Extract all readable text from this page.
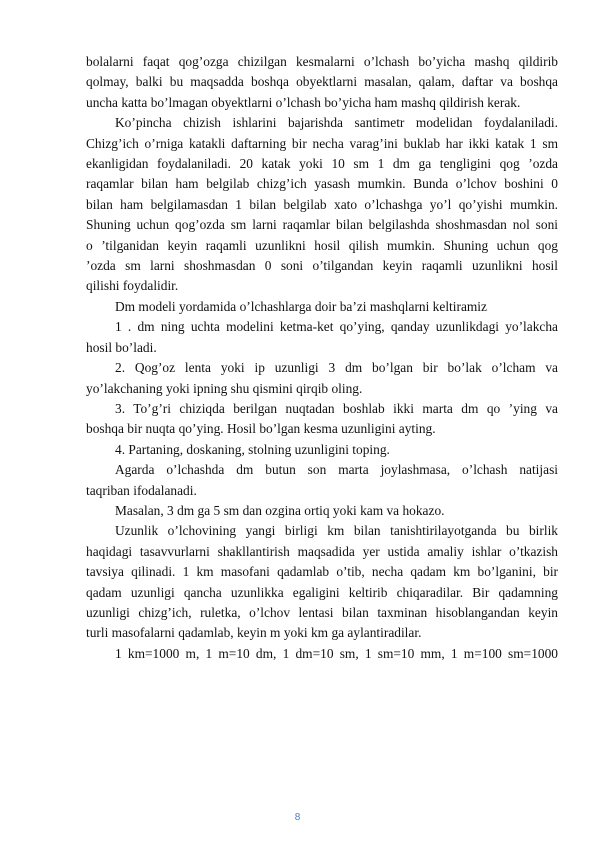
bolalarni faqat qog’ozga chizilgan kesmalarni o’lchash bo’yicha mashq qildirib

qolmay, balki bu maqsadda boshqa obyektlarni masalan, qalam, daftar va boshqa

uncha katta bo’lmagan obyektlarni o’lchash bo’yicha ham mashq qildirish kerak.

Ko’pincha chizish ishlarini bajarishda santimetr modelidan foydalaniladi.

Chizg’ich o’rniga katakli daftarning bir necha varag’ini buklab har ikki katak 1 sm

ekanligidan foydalaniladi. 20 katak yoki 10 sm 1 dm ga tengligini qog ’ozda

raqamlar bilan ham belgilab chizg’ich yasash mumkin. Bunda o’lchov boshini 0

bilan ham belgilamasdan 1 bilan belgilab xato o’lchashga yo’l qo’yishi mumkin.

Shuning uchun qog’ozda sm larni raqamlar bilan belgilashda shoshmasdan nol soni

o ’tilganidan keyin raqamli uzunlikni hosil qilish mumkin. Shuning uchun qog

’ozda sm larni shoshmasdan 0 soni o’tilgandan keyin raqamli uzunlikni hosil

qilishi foydalidir.

Dm modeli yordamida o’lchashlarga doir ba’zi mashqlarni keltiramiz

1 . dm ning uchta modelini ketma-ket qo’ying, qanday uzunlikdagi yo’lakcha

hosil bo’ladi.

2. Qog’oz lenta yoki ip uzunligi 3 dm bo’lgan bir bo’lak o’lcham va

yo’lakchaning yoki ipning shu qismini qirqib oling.

3. To’g’ri chiziqda berilgan nuqtadan boshlab ikki marta dm qo ’ying va

boshqa bir nuqta qo’ying. Hosil bo’lgan kesma uzunligini ayting.

4. Partaning, doskaning, stolning uzunligini toping.

Agarda o’lchashda dm butun son marta joylashmasa, o’lchash natijasi

taqriban ifodalanadi.

Masalan, 3 dm ga 5 sm dan ozgina ortiq yoki kam va hokazo.

Uzunlik o’lchovining yangi birligi km bilan tanishtirilayotganda bu birlik

haqidagi tasavvurlarni shakllantirish maqsadida yer ustida amaliy ishlar o’tkazish

tavsiya qilinadi. 1 km masofani qadamlab o’tib, necha qadam km bo’lganini, bir

qadam uzunligi qancha uzunlikka egaligini keltirib chiqaradilar. Bir qadamning

uzunligi chizg’ich, ruletka, o’lchov lentasi bilan taxminan hisoblangandan keyin

turli masofalarni qadamlab, keyin m yoki km ga aylantiradilar.

1 km=1000 m, 1 m=10 dm, 1 dm=10 sm, 1 sm=10 mm, 1 m=100 sm=1000

8
